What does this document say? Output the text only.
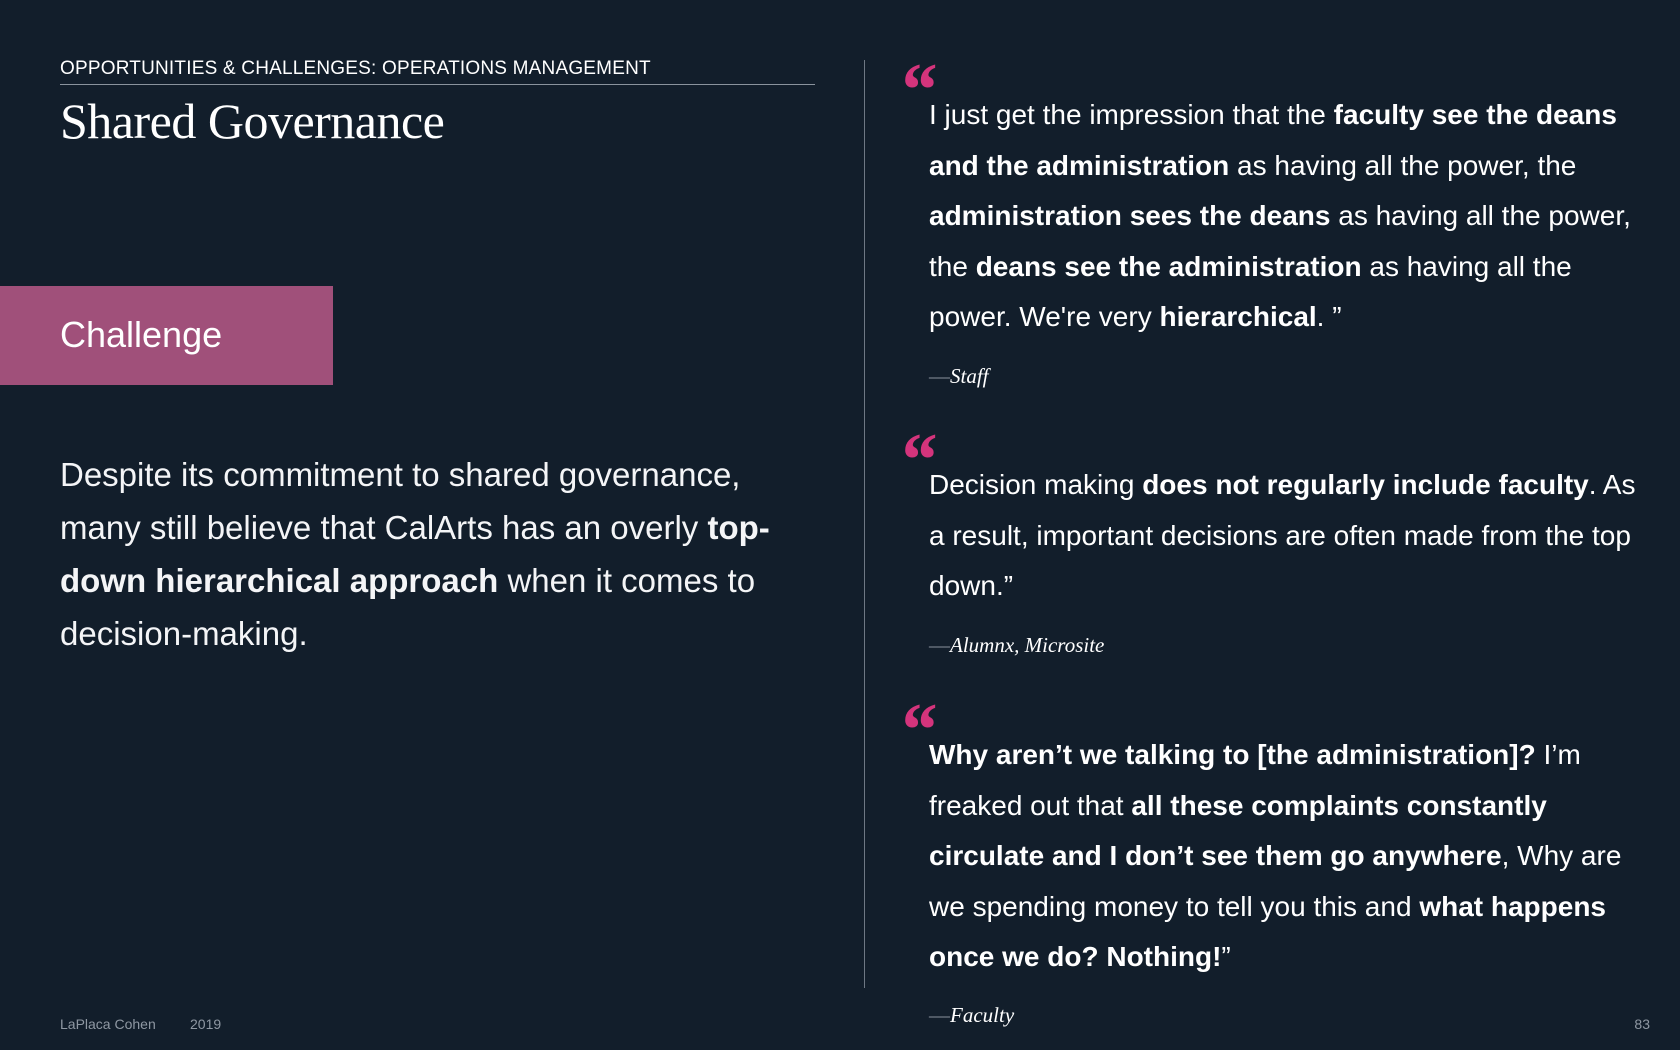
OPPORTUNITIES & CHALLENGES: OPERATIONS MANAGEMENT
Shared Governance
Challenge

Despite its commitment to shared governance, many still believe that CalArts has an overly top-down hierarchical approach when it comes to decision-making.

“

I just get the impression that the faculty see the deans and the administration as having all the power, the administration sees the deans as having all the power, the deans see the administration as having all the power. We're very hierarchical. ”

—Staff
“

Decision making does not regularly include faculty. As a result, important decisions are often made from the top down.”

—Alumnx, Microsite
“

Why aren’t we talking to [the administration]? I’m freaked out that all these complaints constantly circulate and I don’t see them go anywhere, Why are we spending money to tell you this and what happens once we do? Nothing!”

—Faculty
LaPlaca Cohen 2019	83
